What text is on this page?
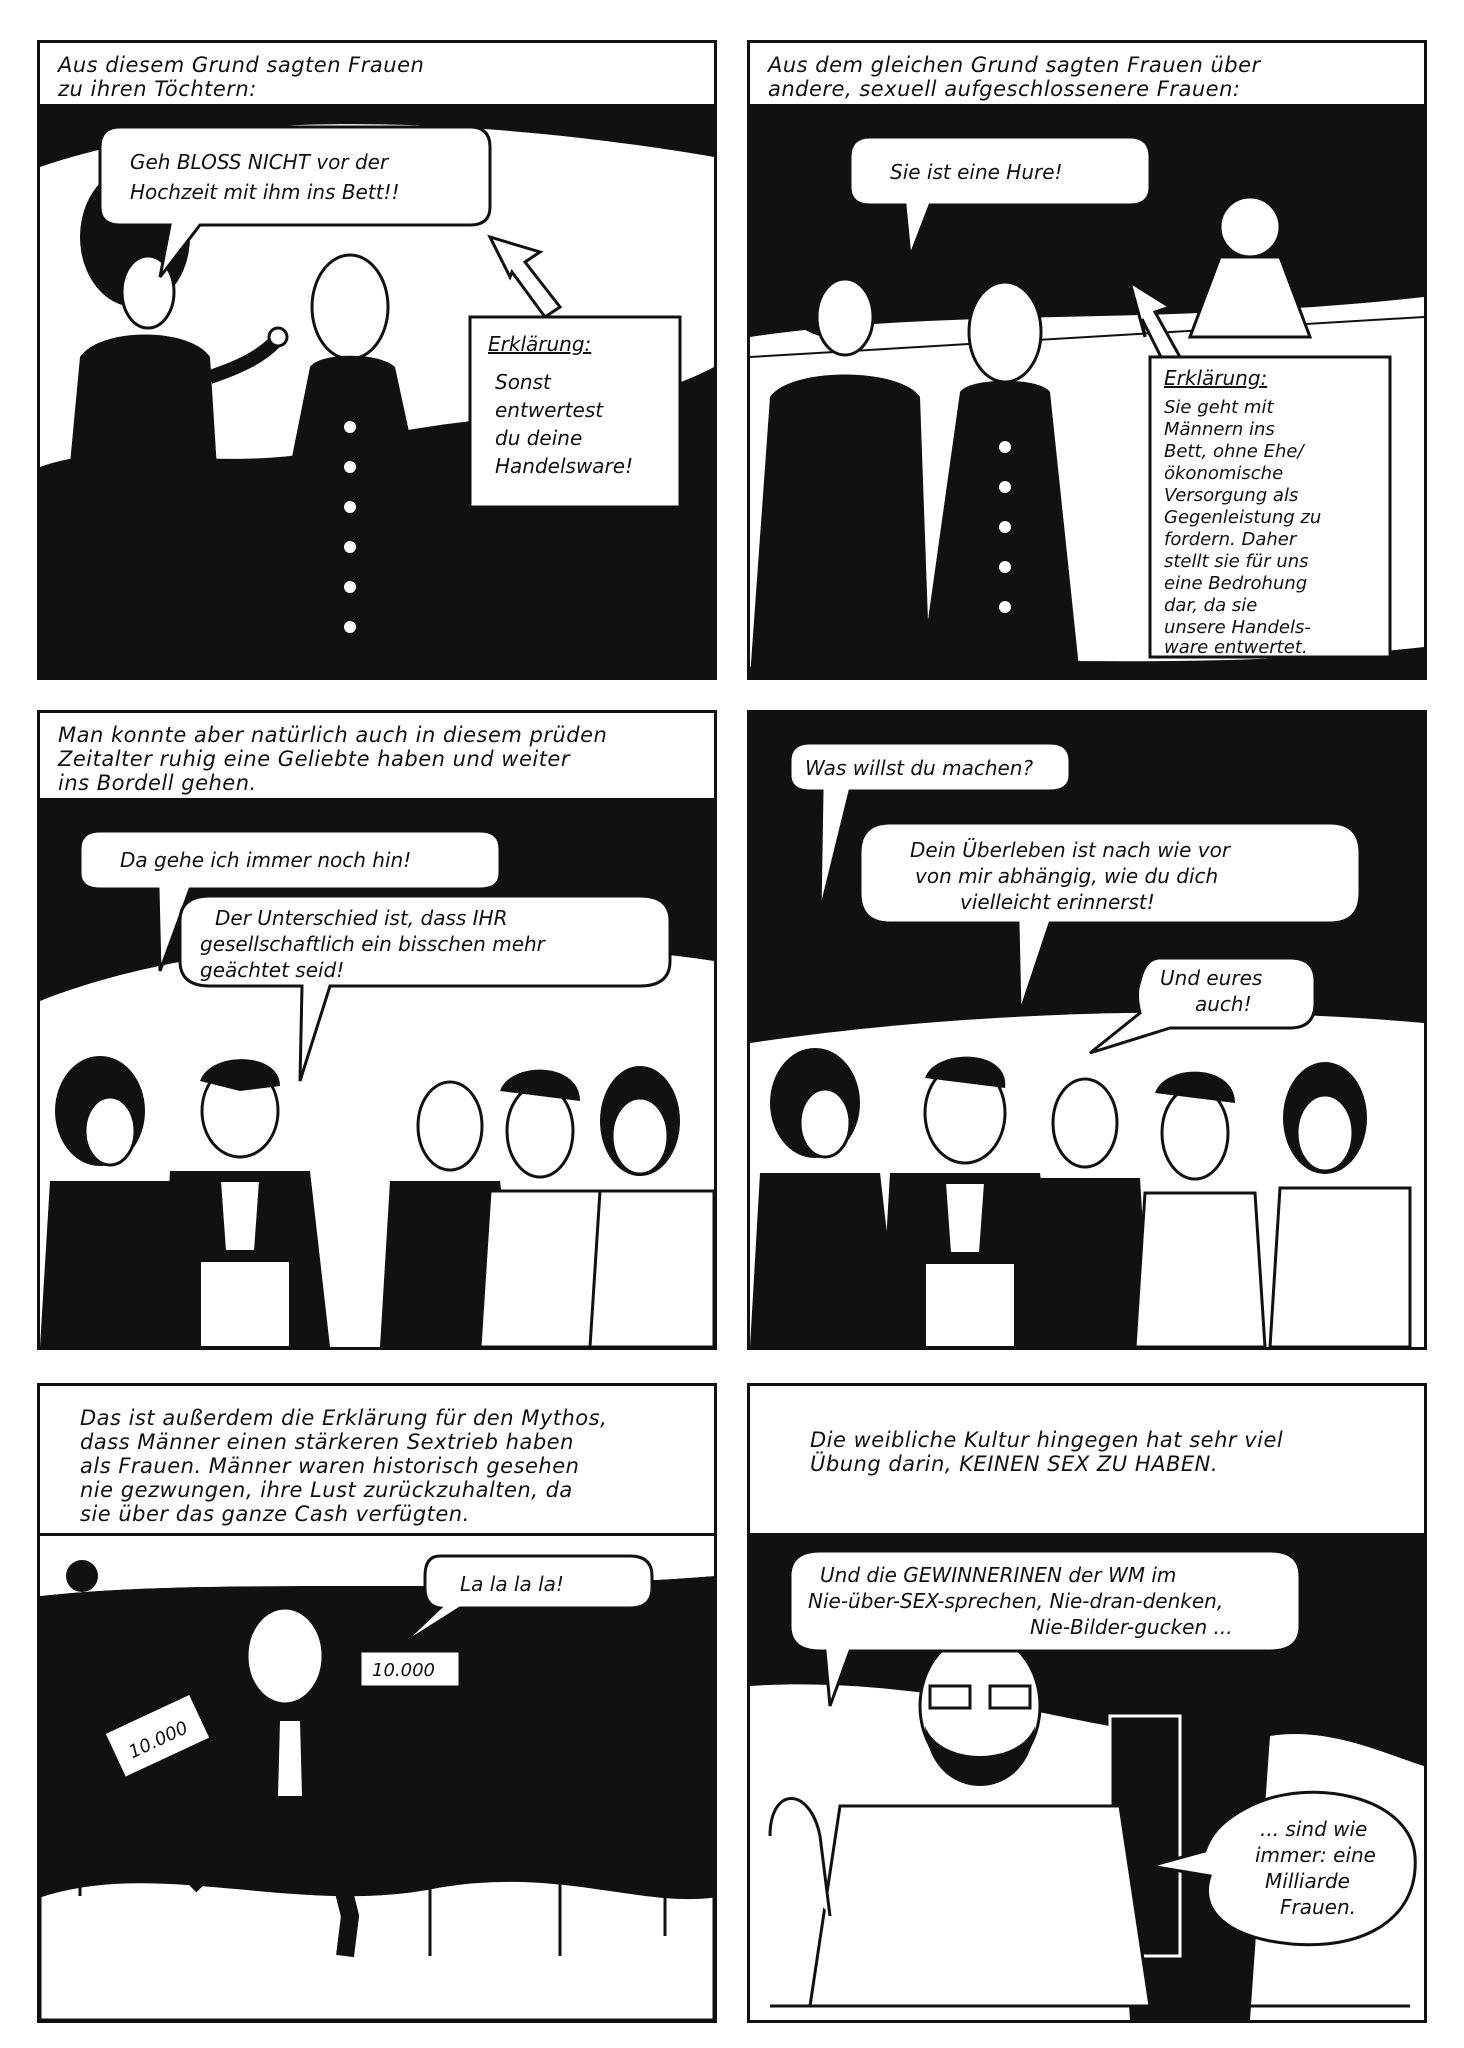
Aus diesem Grund sagten Frauen
zu ihren Töchtern:
Geh BLOSS NICHT vor der
Hochzeit mit ihm ins Bett!!
Erklärung:
Sonst
entwertest
du deine
Handelsware!
Aus dem gleichen Grund sagten Frauen über
andere, sexuell aufgeschlossenere Frauen:
Sie ist eine Hure!
Erklärung:
Sie geht mit
Männern ins
Bett, ohne Ehe/
ökonomische
Versorgung als
Gegenleistung zu
fordern. Daher
stellt sie für uns
eine Bedrohung
dar, da sie
unsere Handels-
ware entwertet.
Man konnte aber natürlich auch in diesem prüden
Zeitalter ruhig eine Geliebte haben und weiter
ins Bordell gehen.
Da gehe ich immer noch hin!
Der Unterschied ist, dass IHR
gesellschaftlich ein bisschen mehr
geächtet seid!
Was willst du machen?
Dein Überleben ist nach wie vor
von mir abhängig, wie du dich
vielleicht erinnerst!
Und eures
auch!
Das ist außerdem die Erklärung für den Mythos,
dass Männer einen stärkeren Sextrieb haben
als Frauen. Männer waren historisch gesehen
nie gezwungen, ihre Lust zurückzuhalten, da
sie über das ganze Cash verfügten.
10.000
10.000
La la la la!
Die weibliche Kultur hingegen hat sehr viel
Übung darin, KEINEN SEX ZU HABEN.
Und die GEWINNERINEN der WM im
Nie-über-SEX-sprechen, Nie-dran-denken,
Nie-Bilder-gucken ...
... sind wie
immer: eine
Milliarde
Frauen.
